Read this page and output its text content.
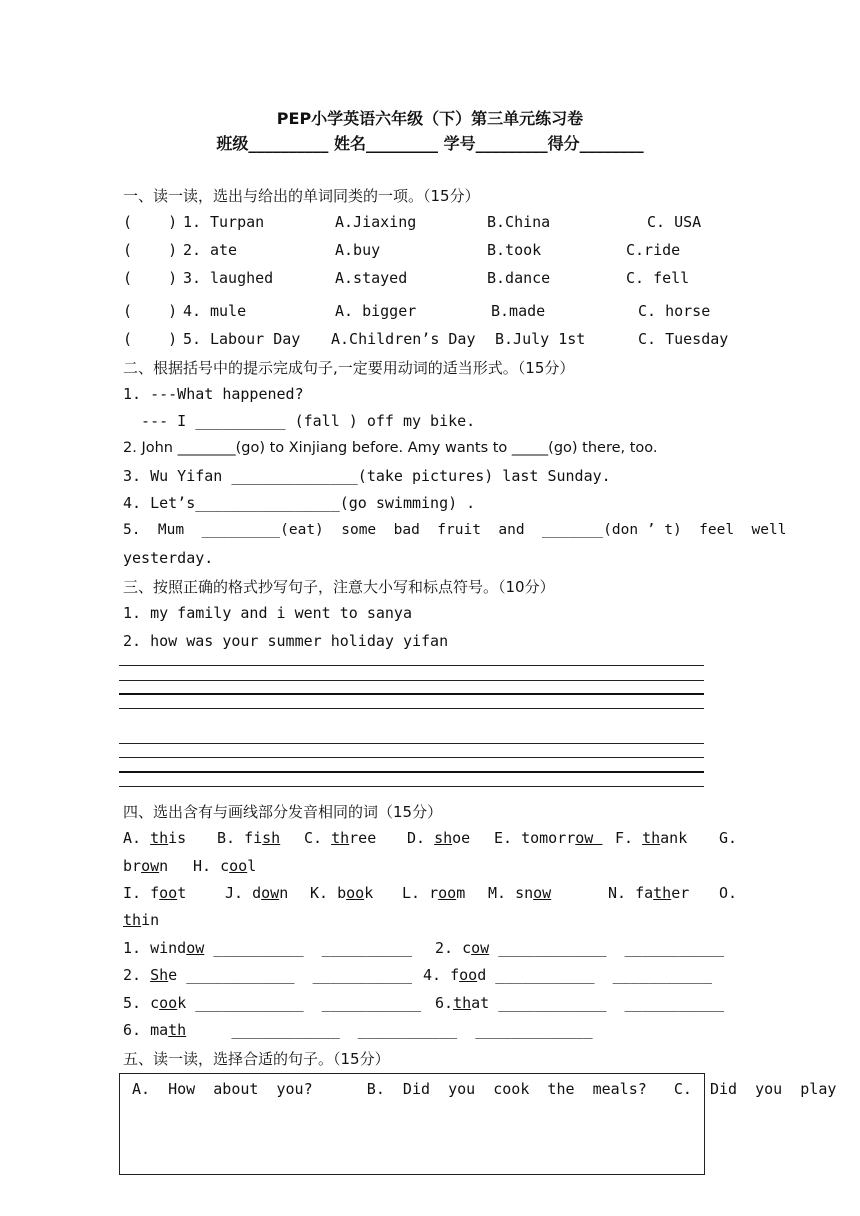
PEP小学英语六年级（下）第三单元练习卷
班级__________ 姓名_________ 学号_________得分________
一、读一读，选出与给出的单词同类的一项。（15分）
(    ) 1. Turpan	A.Jiaxing	B.China	C. USA
(    ) 2. ate	A.buy	B.took	C.ride
(    ) 3. laughed	A.stayed	B.dance	C. fell
(    ) 4. mule	A. bigger	B.made	C. horse
(    ) 5. Labour Day A.Children’s Day B.July 1st	C. Tuesday
二、根据括号中的提示完成句子,一定要用动词的适当形式。（15分）
1. ---What happened?
--- I __________ (fall ) off my bike.
2. John ________(go) to Xinjiang before. Amy wants to _____(go) there, too.
3. Wu Yifan ______________(take pictures) last Sunday.
4. Let’s________________(go swimming) .
5.  Mum  _________(eat)  some  bad  fruit  and  _______(don ’ t)  feel  well
yesterday.
三、按照正确的格式抄写句子，注意大小写和标点符号。（10分）
1. my family and i went to sanya
2. how was your summer holiday yifan
四、选出含有与画线部分发音相同的词（15分）
A. this B. fish C. three D. shoe E. tomorrow F. thank G.
brown H. cool
I. foot	J. down K. book L. room M. snow	N. father O.
thin
1. window __________  __________ 2. cow ____________  ___________
2. She ____________  ___________ 4. food ___________  ___________
5. cook ____________  ___________ 6.that ____________  ___________
6. math     ____________  ___________  _____________
五、读一读，选择合适的句子。（15分）
A.  How  about  you?      B.  Did  you  cook  the  meals?   C.  Did  you  play
